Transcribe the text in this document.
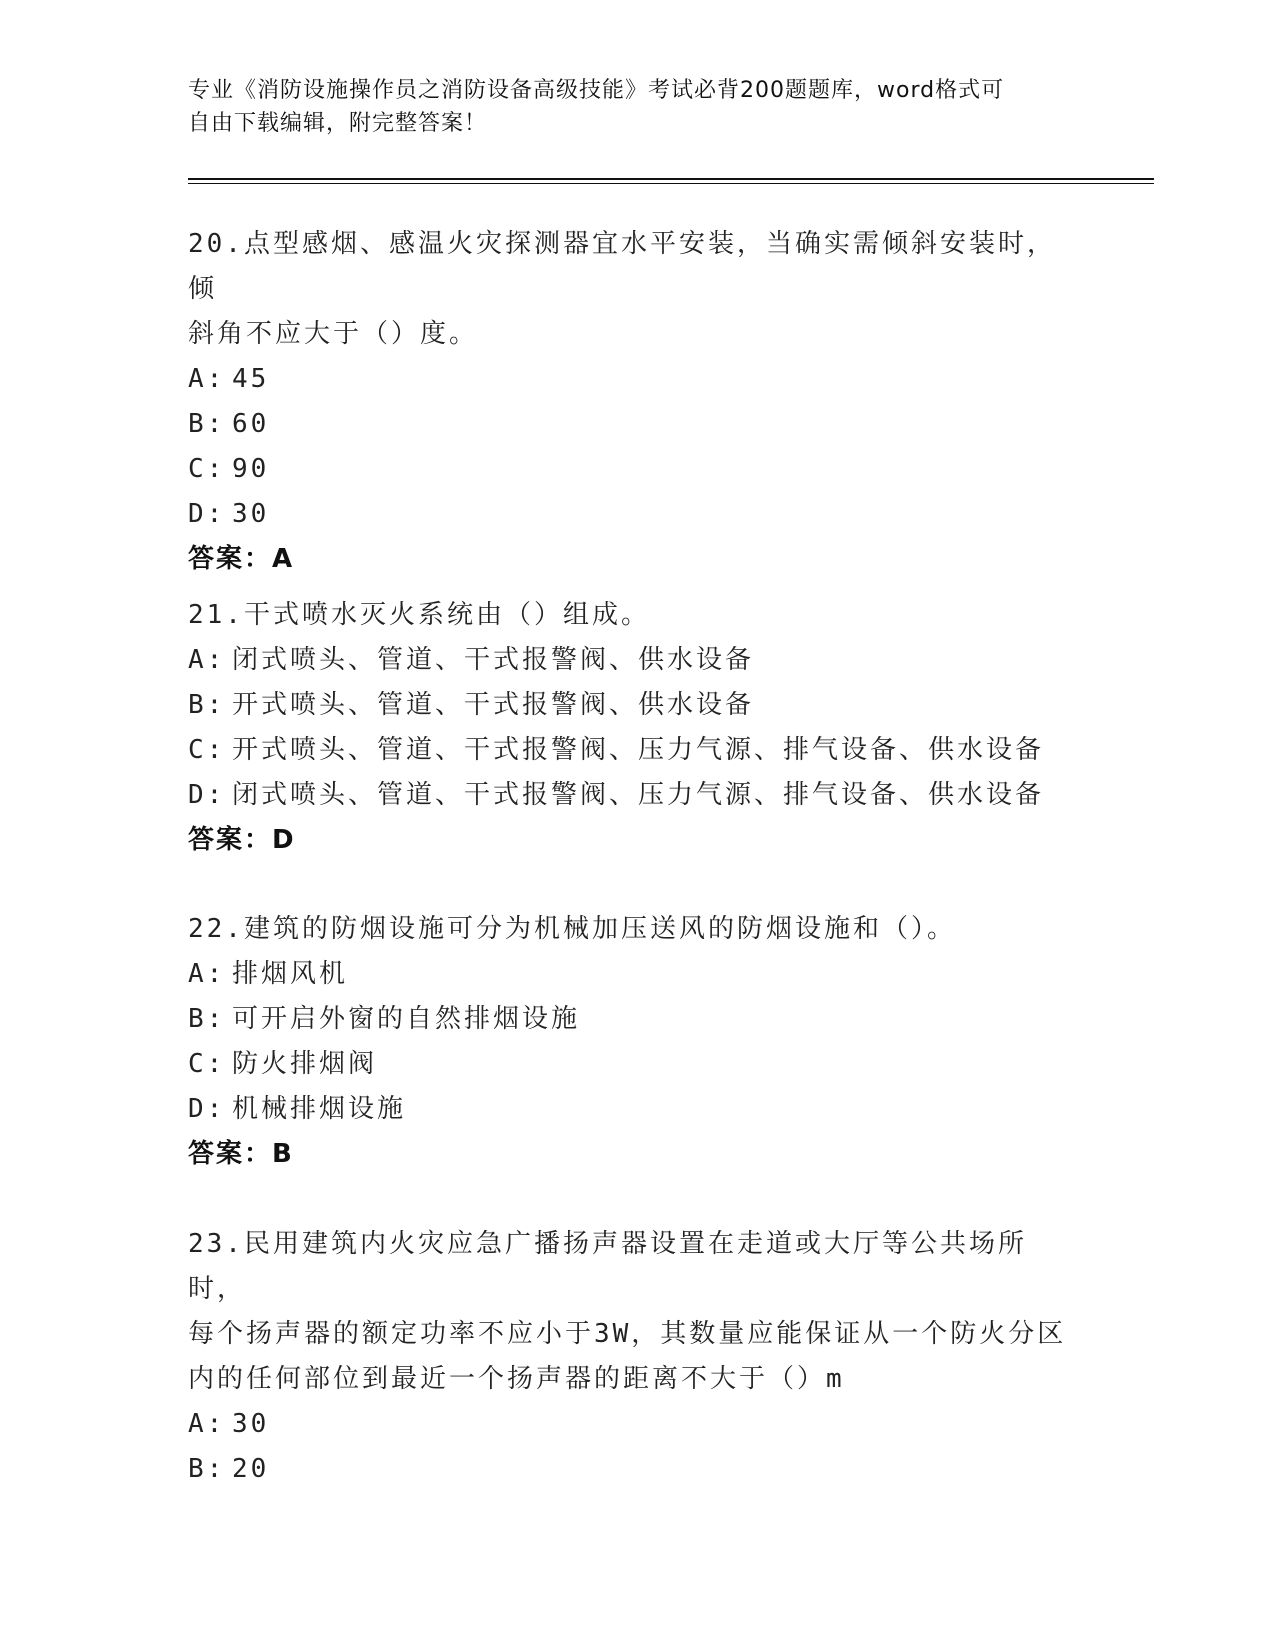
专业《消防设施操作员之消防设备高级技能》考试必背200题题库，word格式可
自由下载编辑，附完整答案！

20.点型感烟、感温火灾探测器宜水平安装，当确实需倾斜安装时，倾

斜角不应大于（）度。

A: 45

B: 60

C: 90

D: 30

答案：A

21.干式喷水灭火系统由（）组成。

A: 闭式喷头、管道、干式报警阀、供水设备

B: 开式喷头、管道、干式报警阀、供水设备

C: 开式喷头、管道、干式报警阀、压力气源、排气设备、供水设备

D: 闭式喷头、管道、干式报警阀、压力气源、排气设备、供水设备

答案：D

22.建筑的防烟设施可分为机械加压送风的防烟设施和（）。

A: 排烟风机

B: 可开启外窗的自然排烟设施

C: 防火排烟阀

D: 机械排烟设施

答案：B

23.民用建筑内火灾应急广播扬声器设置在走道或大厅等公共场所时，

每个扬声器的额定功率不应小于3W，其数量应能保证从一个防火分区

内的任何部位到最近一个扬声器的距离不大于（）m

A: 30

B: 20
